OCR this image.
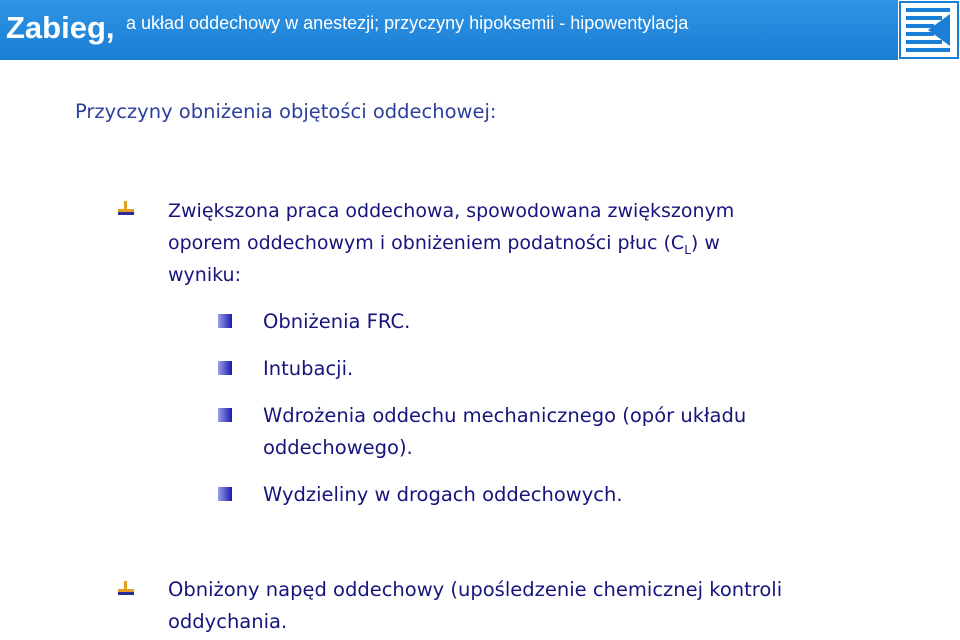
Zabieg, a układ oddechowy w anestezji; przyczyny hipoksemii - hipowentylacja
Przyczyny obniżenia objętości oddechowej:
Zwiększona praca oddechowa, spowodowana zwiększonym
oporem oddechowym i obniżeniem podatności płuc $(C_L)$ w
wyniku:
Obniżenia FRC.
Intubacji.
Wdrożenia oddechu mechanicznego (opór układu
oddechowego).
Wydzieliny w drogach oddechowych.
Obniżony napęd oddechowy (upośledzenie chemicznej kontroli
oddychania.
